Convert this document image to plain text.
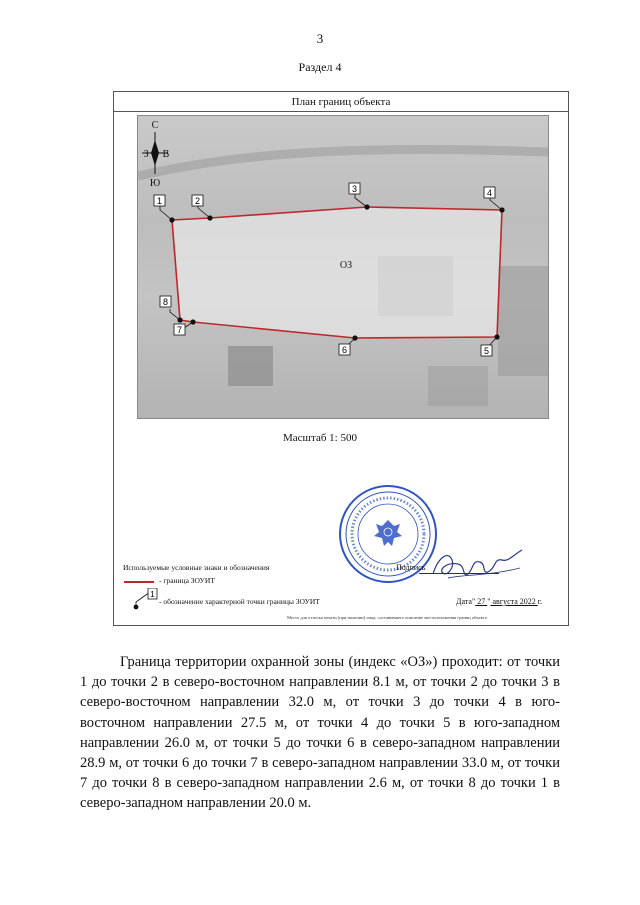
3
Раздел 4
План границ объекта
ОЗ
С
З В
Ю
1	2
3	4
5
6
7
8
Масштаб 1: 500
Используемые условные знаки и обозначения
- граница ЗОУИТ
1
- обозначение характерной точки границы ЗОУИТ
Подпись
Дата" 27 " августа 2022 г.
Место для оттиска печати (при наличии) лица, составившего описание местоположения границ объекта

Граница территории охранной зоны (индекс «ОЗ») проходит: от точки 1 до точки 2 в северо-восточном направлении 8.1 м, от точки 2 до точки 3 в северо-восточном направлении 32.0 м, от точки 3 до точки 4 в юго-восточном направлении 27.5 м, от точки 4 до точки 5 в юго-западном направлении 26.0 м, от точки 5 до точки 6 в северо-западном направлении 28.9 м, от точки 6 до точки 7 в северо-западном направлении 33.0 м, от точки 7 до точки 8 в северо-западном направлении 2.6 м, от точки 8 до точки 1 в северо-западном направлении 20.0 м.
